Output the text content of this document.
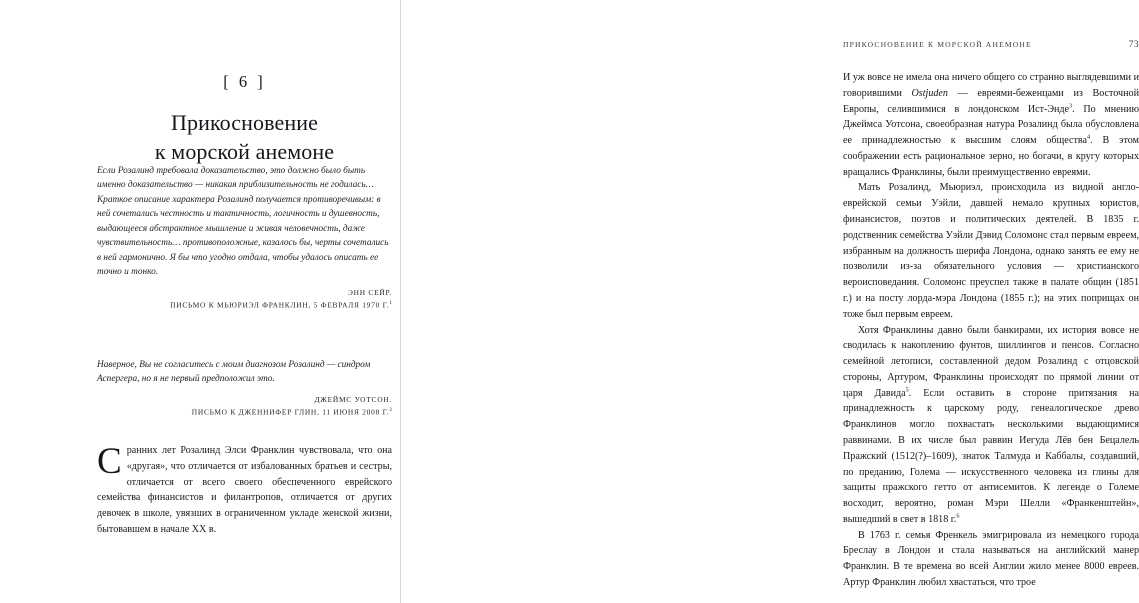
[ 6 ]
Прикосновение
к морской анемоне

Если Розалинд требовала доказательство, это должно было быть именно доказательство — никакая приблизительность не годилась…

Краткое описание характера Розалинд получается противоречивым: в ней сочетались честность и тактичность, логичность и душевность, выдающееся абстрактное мышление и живая человечность, даже чувствительность… противоположные, казалось бы, черты сочетались в ней гармонично. Я бы что угодно отдала, чтобы удалось описать ее точно и тонко.

ЭНН СЕЙР.
ПИСЬМО К МЬЮРИЭЛ ФРАНКЛИН, 5 ФЕВРАЛЯ 1970 Г.$^1$

Наверное, Вы не согласитесь с моим диагнозом Розалинд — синдром Аспергера, но я не первый предположил это.

ДЖЕЙМС УОТСОН.
ПИСЬМО К ДЖЕННИФЕР ГЛИН, 11 ИЮНЯ 2008 Г.$^2$

Сранних лет Розалинд Элси Франклин чувствовала, что она «другая», что отличается от избалованных братьев и сестры, отличается от всего своего обеспеченного еврейского семейства финансистов и филантропов, отличается от других девочек в школе, увязших в ограниченном укладе женской жизни, бытовавшем в начале XX в.

ПРИКОСНОВЕНИЕ К МОРСКОЙ АНЕМОНЕ	73

И уж вовсе не имела она ничего общего со странно выглядевшими и говорившими Ostjuden — евреями-беженцами из Восточной Европы, селившимися в лондонском Ист-Энде$^3$. По мнению Джеймса Уотсона, своеобразная натура Розалинд была обусловлена ее принадлежностью к высшим слоям общества$^4$. В этом соображении есть рациональное зерно, но богачи, в кругу которых вращались Франклины, были преимущественно евреями.

Мать Розалинд, Мьюриэл, происходила из видной англо-еврейской семьи Уэйли, давшей немало крупных юристов, финансистов, поэтов и политических деятелей. В 1835 г. родственник семейства Уэйли Дэвид Соломонс стал первым евреем, избранным на должность шерифа Лондона, однако занять ее ему не позволили из-за обязательного условия — христианского вероисповедания. Соломонс преуспел также в палате общин (1851 г.) и на посту лорда-мэра Лондона (1855 г.); на этих поприщах он тоже был первым евреем.

Хотя Франклины давно были банкирами, их история вовсе не сводилась к накоплению фунтов, шиллингов и пенсов. Согласно семейной летописи, составленной дедом Розалинд с отцовской стороны, Артуром, Франклины происходят по прямой линии от царя Давида$^5$. Если оставить в стороне притязания на принадлежность к царскому роду, генеалогическое древо Франклинов могло похвастать несколькими выдающимися раввинами. В их числе был раввин Иегуда Лёв бен Бецалель Пражский (1512(?)–1609), знаток Талмуда и Каббалы, создавший, по преданию, Голема — искусственного человека из глины для защиты пражского гетто от антисемитов. К легенде о Големе восходит, вероятно, роман Мэри Шелли «Франкенштейн», вышедший в свет в 1818 г.$^6$

В 1763 г. семья Френкель эмигрировала из немецкого города Бреслау в Лондон и стала называться на английский манер Франклин. В те времена во всей Англии жило менее 8000 евреев. Артур Франклин любил хвастаться, что трое
